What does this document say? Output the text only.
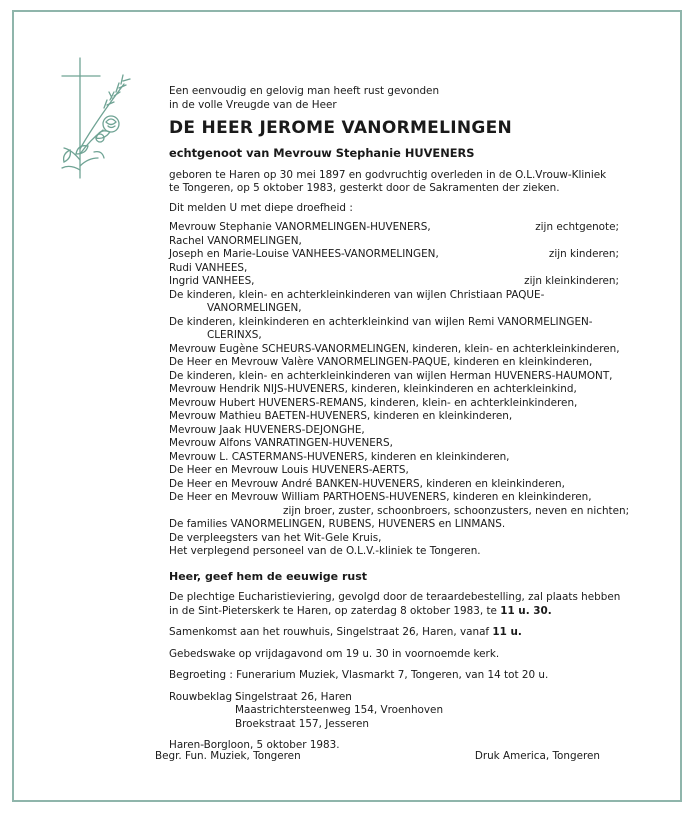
Een eenvoudig en gelovig man heeft rust gevonden

in de volle Vreugde van de Heer

DE HEER JEROME VANORMELINGEN
echtgenoot van Mevrouw Stephanie HUVENERS
geboren te Haren op 30 mei 1897 en godvruchtig overleden in de O.L.Vrouw-Kliniek
te Tongeren, op 5 oktober 1983, gesterkt door de Sakramenten der zieken.
Dit melden U met diepe droefheid :
Mevrouw Stephanie VANORMELINGEN-HUVENERS,	zijn echtgenote;
Rachel VANORMELINGEN,
Joseph en Marie-Louise VANHEES-VANORMELINGEN,	zijn kinderen;
Rudi VANHEES,
Ingrid VANHEES,	zijn kleinkinderen;
De kinderen, klein- en achterkleinkinderen van wijlen Christiaan PAQUE-
VANORMELINGEN,
De kinderen, kleinkinderen en achterkleinkind van wijlen Remi VANORMELINGEN-
CLERINXS,
Mevrouw Eugène SCHEURS-VANORMELINGEN, kinderen, klein- en achterkleinkinderen,
De Heer en Mevrouw Valère VANORMELINGEN-PAQUE, kinderen en kleinkinderen,
De kinderen, klein- en achterkleinkinderen van wijlen Herman HUVENERS-HAUMONT,
Mevrouw Hendrik NIJS-HUVENERS, kinderen, kleinkinderen en achterkleinkind,
Mevrouw Hubert HUVENERS-REMANS, kinderen, klein- en achterkleinkinderen,
Mevrouw Mathieu BAETEN-HUVENERS, kinderen en kleinkinderen,
Mevrouw Jaak HUVENERS-DEJONGHE,
Mevrouw Alfons VANRATINGEN-HUVENERS,
Mevrouw L. CASTERMANS-HUVENERS, kinderen en kleinkinderen,
De Heer en Mevrouw Louis HUVENERS-AERTS,
De Heer en Mevrouw André BANKEN-HUVENERS, kinderen en kleinkinderen,
De Heer en Mevrouw William PARTHOENS-HUVENERS, kinderen en kleinkinderen,
zijn broer, zuster, schoonbroers, schoonzusters, neven en nichten;
De families VANORMELINGEN, RUBENS, HUVENERS en LINMANS.
De verpleegsters van het Wit-Gele Kruis,
Het verplegend personeel van de O.L.V.-kliniek te Tongeren.
Heer, geef hem de eeuwige rust
De plechtige Eucharistieviering, gevolgd door de teraardebestelling, zal plaats hebben
in de Sint-Pieterskerk te Haren, op zaterdag 8 oktober 1983, te 11 u. 30.
Samenkomst aan het rouwhuis, Singelstraat 26, Haren, vanaf 11 u.
Gebedswake op vrijdagavond om 19 u. 30 in voornoemde kerk.
Begroeting : Funerarium Muziek, Vlasmarkt 7, Tongeren, van 14 tot 20 u.
Rouwbeklag :
Singelstraat 26, Haren
Maastrichtersteenweg 154, Vroenhoven
Broekstraat 157, Jesseren
Haren-Borgloon, 5 oktober 1983.
Begr. Fun. Muziek, Tongeren	Druk America, Tongeren
